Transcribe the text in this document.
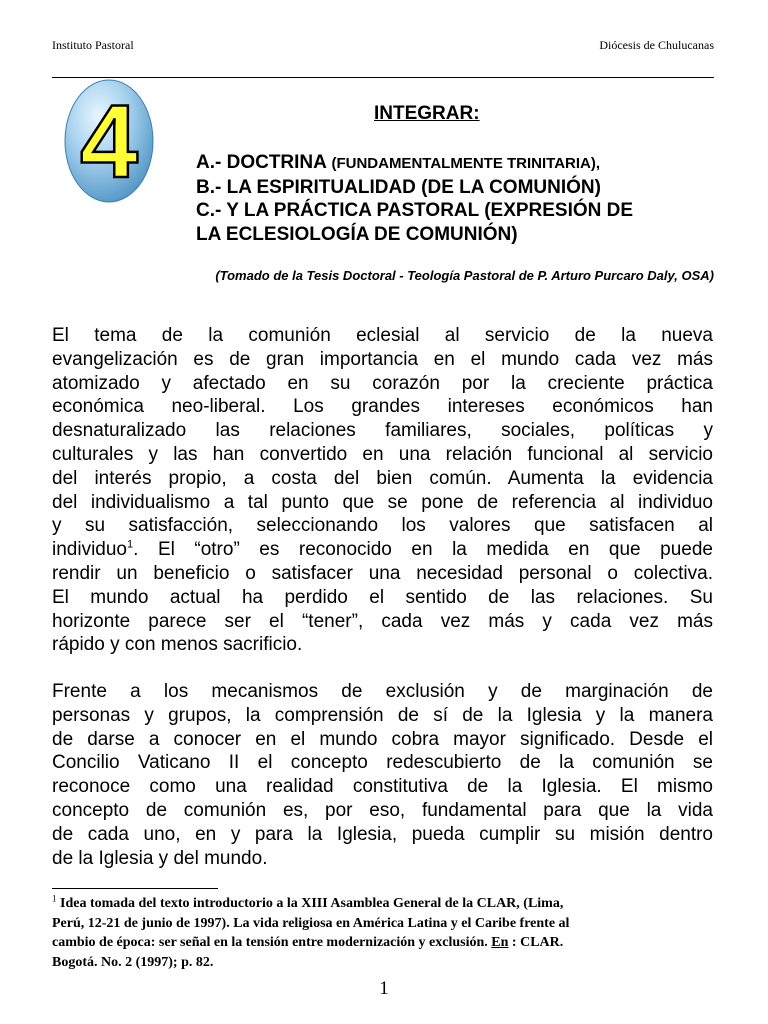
Instituto Pastoral	Diócesis de Chulucanas
4	INTEGRAR:
A.- DOCTRINA (FUNDAMENTALMENTE TRINITARIA),
B.- LA ESPIRITUALIDAD (DE LA COMUNIÓN)
C.- Y LA PRÁCTICA PASTORAL (EXPRESIÓN DE
LA ECLESIOLOGÍA DE COMUNIÓN)
(Tomado de la Tesis Doctoral - Teología Pastoral de P. Arturo Purcaro Daly, OSA)
El tema de la comunión eclesial al servicio de la nueva
evangelización es de gran importancia en el mundo cada vez más
atomizado y afectado en su corazón por la creciente práctica
económica neo-liberal. Los grandes intereses económicos han
desnaturalizado las relaciones familiares, sociales, políticas y
culturales y las han convertido en una relación funcional al servicio
del interés propio, a costa del bien común. Aumenta la evidencia
del individualismo a tal punto que se pone de referencia al individuo
y su satisfacción, seleccionando los valores que satisfacen al
individuo$^1$. El “otro” es reconocido en la medida en que puede
rendir un beneficio o satisfacer una necesidad personal o colectiva.
El mundo actual ha perdido el sentido de las relaciones. Su
horizonte parece ser el “tener”, cada vez más y cada vez más
rápido y con menos sacrificio.
Frente a los mecanismos de exclusión y de marginación de
personas y grupos, la comprensión de sí de la Iglesia y la manera
de darse a conocer en el mundo cobra mayor significado. Desde el
Concilio Vaticano II el concepto redescubierto de la comunión se
reconoce como una realidad constitutiva de la Iglesia. El mismo
concepto de comunión es, por eso, fundamental para que la vida
de cada uno, en y para la Iglesia, pueda cumplir su misión dentro
de la Iglesia y del mundo.
$^1$ Idea tomada del texto introductorio a la XIII Asamblea General de la CLAR, (Lima,
Perú, 12-21 de junio de 1997). La vida religiosa en América Latina y el Caribe frente al
cambio de época: ser señal en la tensión entre modernización y exclusión. En : CLAR.
Bogotá. No. 2 (1997); p. 82.
1
